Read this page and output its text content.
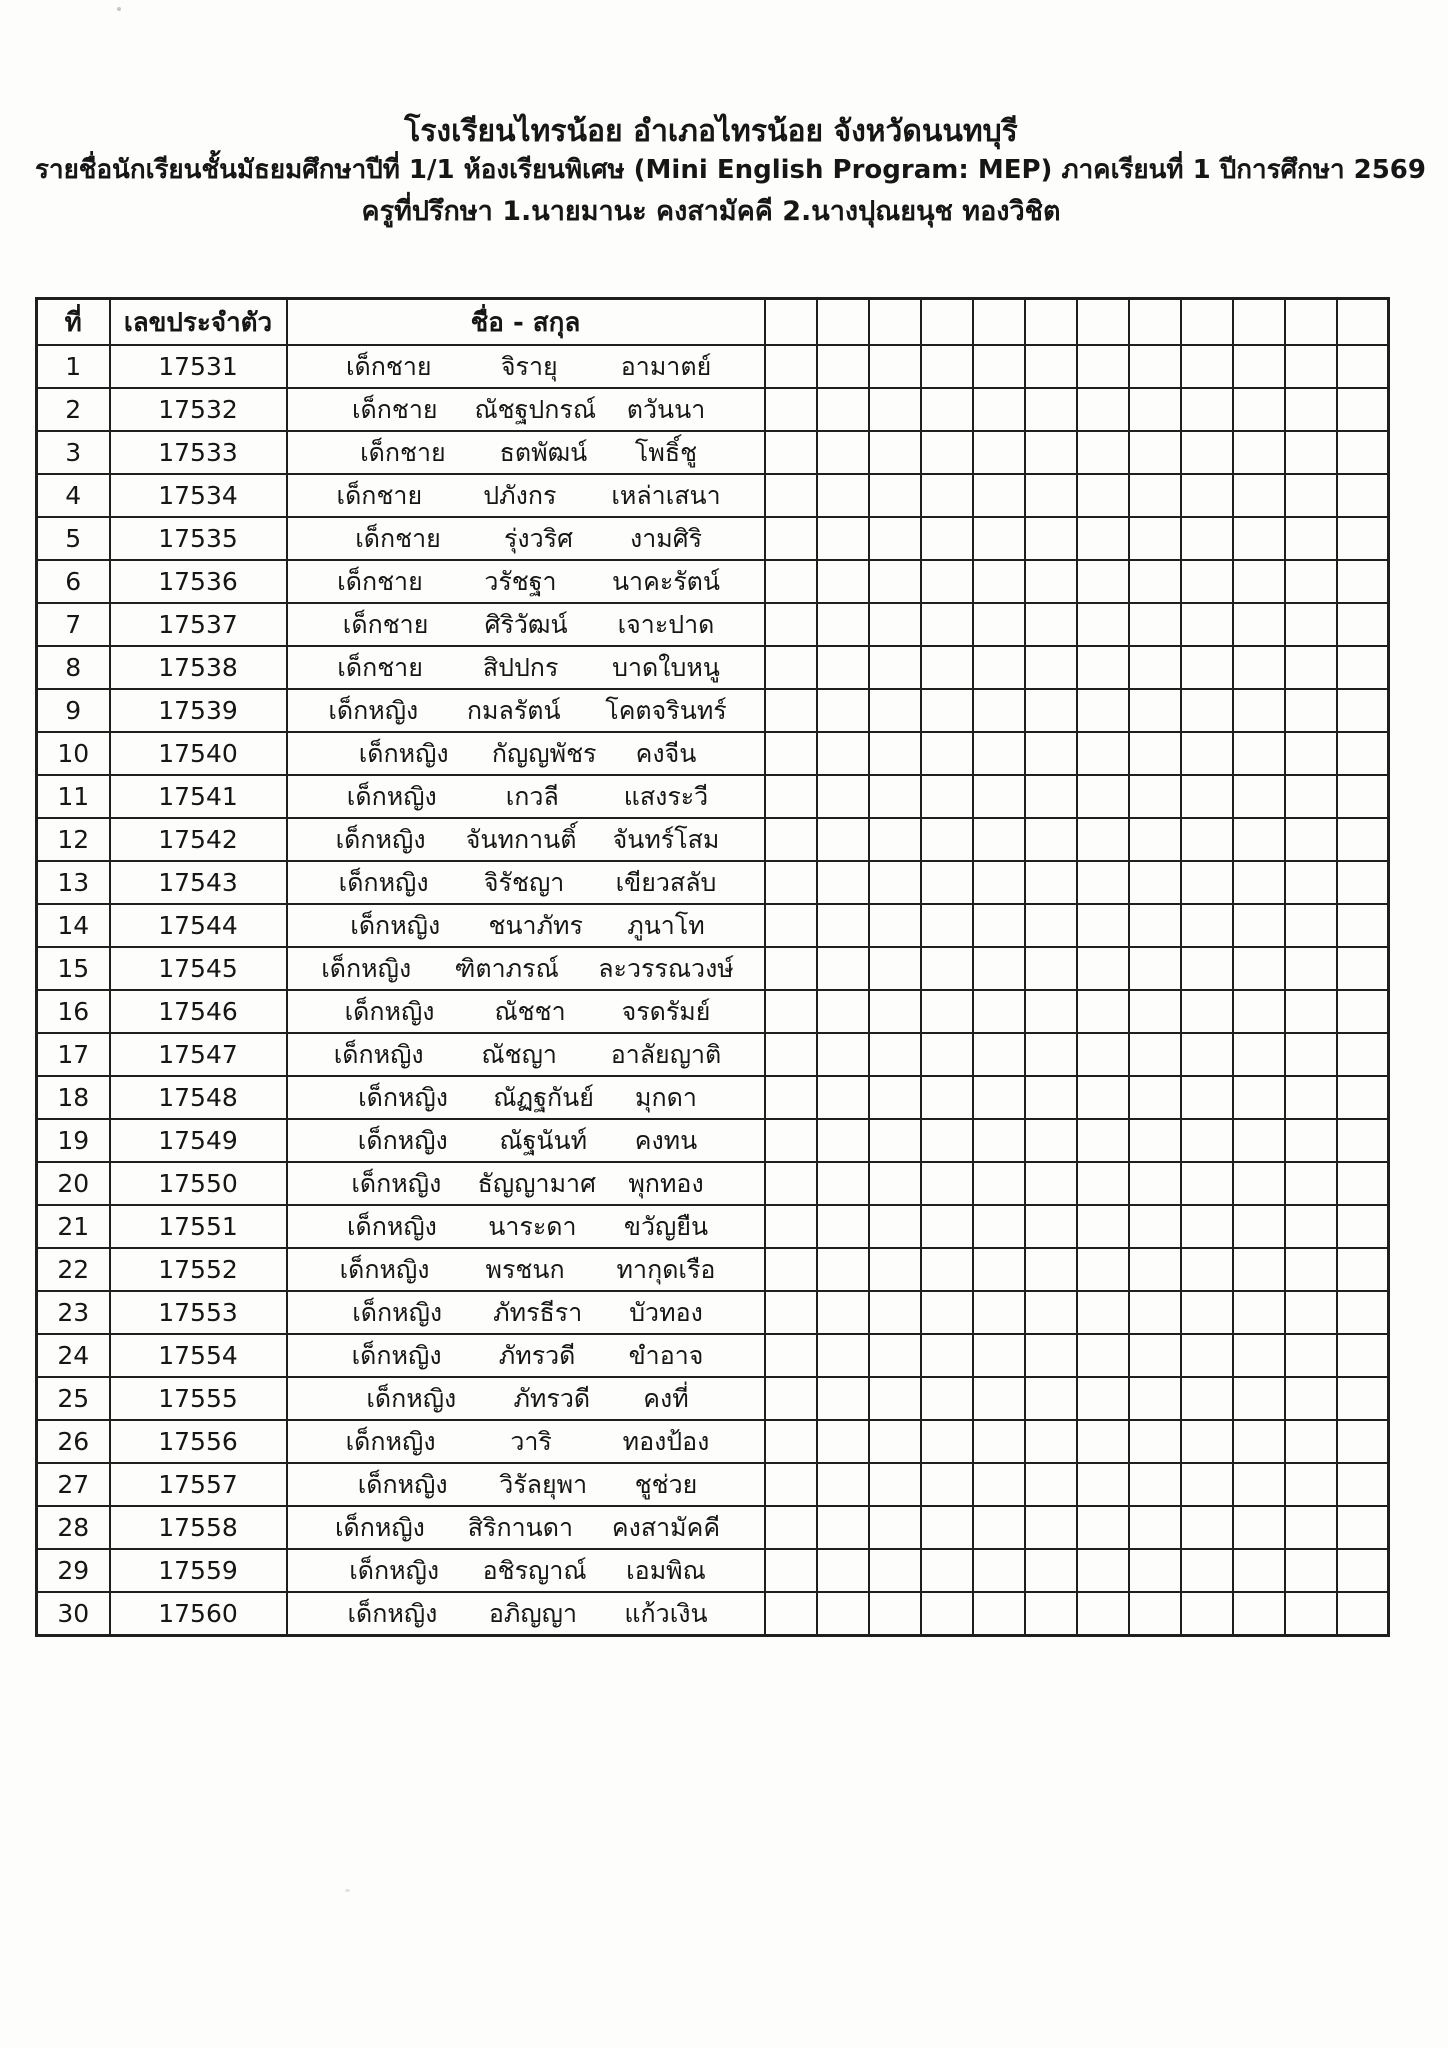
โรงเรียนไทรน้อย อำเภอไทรน้อย จังหวัดนนทบุรี
รายชื่อนักเรียนชั้นมัธยมศึกษาปีที่ 1/1 ห้องเรียนพิเศษ (Mini English Program: MEP) ภาคเรียนที่ 1 ปีการศึกษา 2569
ครูที่ปรึกษา 1.นายมานะ คงสามัคคี 2.นางปุณยนุช ทองวิชิต
ที่	เลขประจำตัว	ชื่อ - สกุล												
1	17531	เด็กชาย จิรายุ อามาตย์												
2	17532	เด็กชาย ณัชฐปกรณ์ ตวันนา												
3	17533	เด็กชาย ธตพัฒน์ โพธิ์ชู												
4	17534	เด็กชาย ปภังกร เหล่าเสนา												
5	17535	เด็กชาย รุ่งวริศ งามศิริ												
6	17536	เด็กชาย วรัชฐา นาคะรัตน์												
7	17537	เด็กชาย ศิริวัฒน์ เจาะปาด												
8	17538	เด็กชาย สิปปกร บาดใบหนู												
9	17539	เด็กหญิง กมลรัตน์ โคตจรินทร์												
10	17540	เด็กหญิง กัญญพัชร คงจีน												
11	17541	เด็กหญิง เกวลี แสงระวี												
12	17542	เด็กหญิง จันทกานติ์ จันทร์โสม												
13	17543	เด็กหญิง จิรัชญา เขียวสลับ												
14	17544	เด็กหญิง ชนาภัทร ภูนาโท												
15	17545	เด็กหญิง ฑิตาภรณ์ ละวรรณวงษ์												
16	17546	เด็กหญิง ณัชชา จรดรัมย์												
17	17547	เด็กหญิง ณัชญา อาลัยญาติ												
18	17548	เด็กหญิง ณัฏฐกันย์ มุกดา												
19	17549	เด็กหญิง ณัฐนันท์ คงทน												
20	17550	เด็กหญิง ธัญญามาศ พุกทอง												
21	17551	เด็กหญิง นาระดา ขวัญยืน												
22	17552	เด็กหญิง พรชนก ทากุดเรือ												
23	17553	เด็กหญิง ภัทรธีรา บัวทอง												
24	17554	เด็กหญิง ภัทรวดี ขำอาจ												
25	17555	เด็กหญิง ภัทรวดี คงที่												
26	17556	เด็กหญิง วาริ ทองป้อง												
27	17557	เด็กหญิง วิรัลยุพา ชูช่วย												
28	17558	เด็กหญิง สิริกานดา คงสามัคคี												
29	17559	เด็กหญิง อชิรญาณ์ เอมพิณ												
30	17560	เด็กหญิง อภิญญา แก้วเงิน												
